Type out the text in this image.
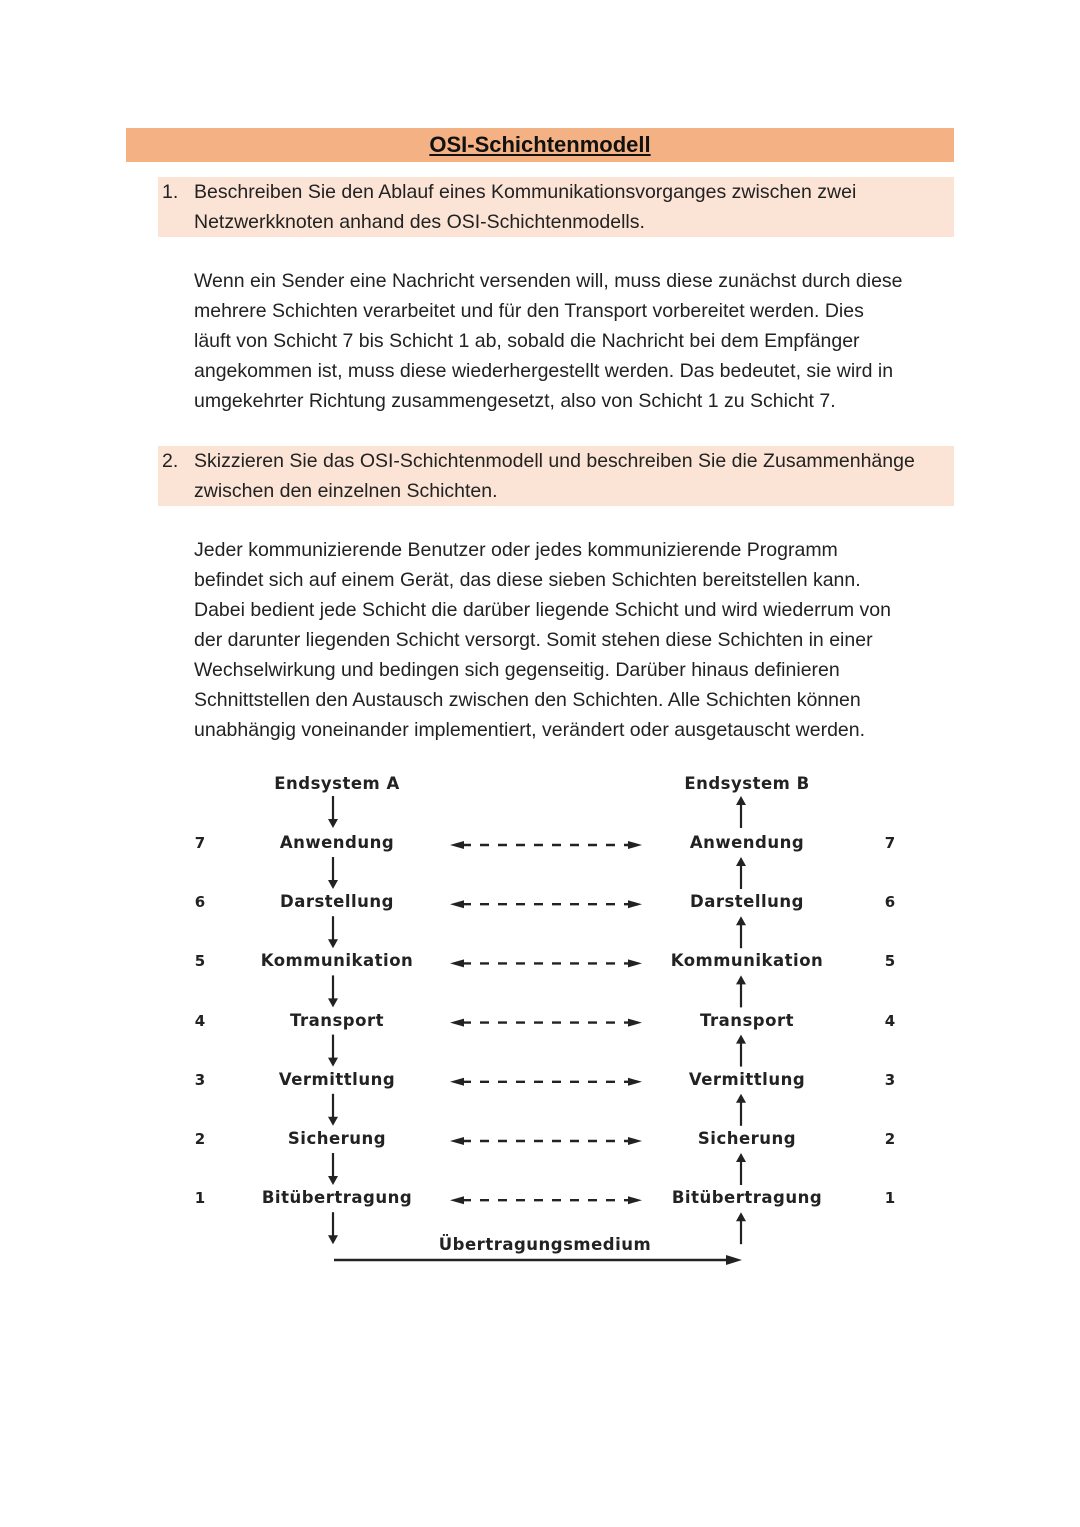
OSI-Schichtenmodell
1. Beschreiben Sie den Ablauf eines Kommunikationsvorganges zwischen zwei
Netzwerkknoten anhand des OSI-Schichtenmodells.
Wenn ein Sender eine Nachricht versenden will, muss diese zunächst durch diese
mehrere Schichten verarbeitet und für den Transport vorbereitet werden. Dies
läuft von Schicht 7 bis Schicht 1 ab, sobald die Nachricht bei dem Empfänger
angekommen ist, muss diese wiederhergestellt werden. Das bedeutet, sie wird in
umgekehrter Richtung zusammengesetzt, also von Schicht 1 zu Schicht 7.
2. Skizzieren Sie das OSI-Schichtenmodell und beschreiben Sie die Zusammenhänge
zwischen den einzelnen Schichten.
Jeder kommunizierende Benutzer oder jedes kommunizierende Programm
befindet sich auf einem Gerät, das diese sieben Schichten bereitstellen kann.
Dabei bedient jede Schicht die darüber liegende Schicht und wird wiederrum von
der darunter liegenden Schicht versorgt. Somit stehen diese Schichten in einer
Wechselwirkung und bedingen sich gegenseitig. Darüber hinaus definieren
Schnittstellen den Austausch zwischen den Schichten. Alle Schichten können
unabhängig voneinander implementiert, verändert oder ausgetauscht werden.
Endsystem A	Endsystem B
Übertragungsmedium
7	Anwendung	Anwendung	7
6	Darstellung	Darstellung	6
5	Kommunikation	Kommunikation	5
4	Transport	Transport	4
3	Vermittlung	Vermittlung	3
2	Sicherung	Sicherung	2
1	Bitübertragung	Bitübertragung	1
